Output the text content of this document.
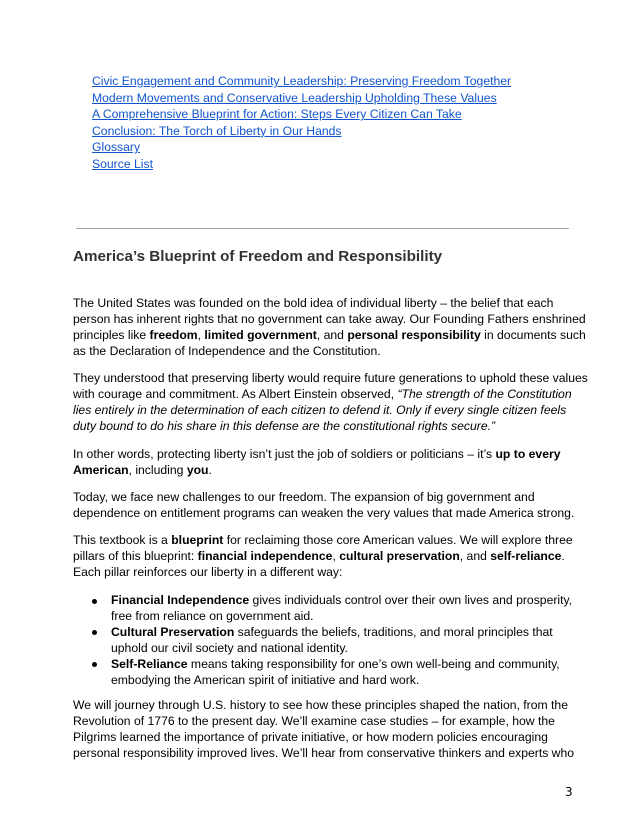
Civic Engagement and Community Leadership: Preserving Freedom Together
Modern Movements and Conservative Leadership Upholding These Values
A Comprehensive Blueprint for Action: Steps Every Citizen Can Take
Conclusion: The Torch of Liberty in Our Hands
Glossary
Source List
America’s Blueprint of Freedom and Responsibility

The United States was founded on the bold idea of individual liberty – the belief that each
person has inherent rights that no government can take away. Our Founding Fathers enshrined
principles like freedom, limited government, and personal responsibility in documents such
as the Declaration of Independence and the Constitution.

They understood that preserving liberty would require future generations to uphold these values
with courage and commitment. As Albert Einstein observed, “The strength of the Constitution
lies entirely in the determination of each citizen to defend it. Only if every single citizen feels
duty bound to do his share in this defense are the constitutional rights secure.”

In other words, protecting liberty isn’t just the job of soldiers or politicians – it’s up to every
American, including you.

Today, we face new challenges to our freedom. The expansion of big government and
dependence on entitlement programs can weaken the very values that made America strong.

This textbook is a blueprint for reclaiming those core American values. We will explore three
pillars of this blueprint: financial independence, cultural preservation, and self-reliance.
Each pillar reinforces our liberty in a different way:

Financial Independence gives individuals control over their own lives and prosperity,
free from reliance on government aid.
Cultural Preservation safeguards the beliefs, traditions, and moral principles that
uphold our civil society and national identity.
Self-Reliance means taking responsibility for one’s own well-being and community,
embodying the American spirit of initiative and hard work.

We will journey through U.S. history to see how these principles shaped the nation, from the
Revolution of 1776 to the present day. We’ll examine case studies – for example, how the
Pilgrims learned the importance of private initiative, or how modern policies encouraging
personal responsibility improved lives. We’ll hear from conservative thinkers and experts who

3
